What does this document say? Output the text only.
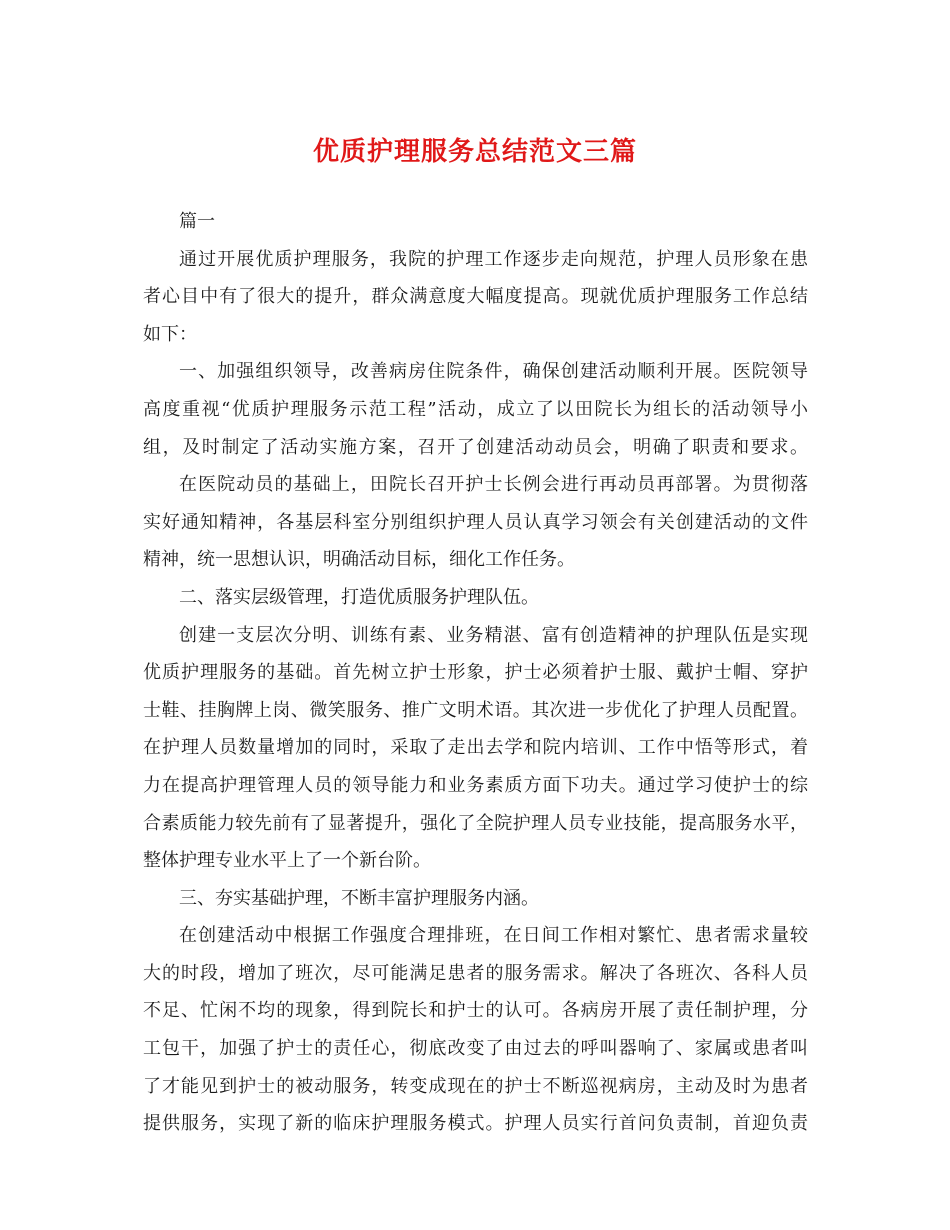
优质护理服务总结范文三篇

篇一

通过开展优质护理服务，我院的护理工作逐步走向规范，护理人员形象在患

者心目中有了很大的提升，群众满意度大幅度提高。现就优质护理服务工作总结

如下：

一、加强组织领导，改善病房住院条件，确保创建活动顺利开展。医院领导

高度重视“优质护理服务示范工程”活动，成立了以田院长为组长的活动领导小

组，及时制定了活动实施方案，召开了创建活动动员会，明确了职责和要求。

在医院动员的基础上，田院长召开护士长例会进行再动员再部署。为贯彻落

实好通知精神，各基层科室分别组织护理人员认真学习领会有关创建活动的文件

精神，统一思想认识，明确活动目标，细化工作任务。

二、落实层级管理，打造优质服务护理队伍。

创建一支层次分明、训练有素、业务精湛、富有创造精神的护理队伍是实现

优质护理服务的基础。首先树立护士形象，护士必须着护士服、戴护士帽、穿护

士鞋、挂胸牌上岗、微笑服务、推广文明术语。其次进一步优化了护理人员配置。

在护理人员数量增加的同时，采取了走出去学和院内培训、工作中悟等形式，着

力在提高护理管理人员的领导能力和业务素质方面下功夫。通过学习使护士的综

合素质能力较先前有了显著提升，强化了全院护理人员专业技能，提高服务水平，

整体护理专业水平上了一个新台阶。

三、夯实基础护理，不断丰富护理服务内涵。

在创建活动中根据工作强度合理排班，在日间工作相对繁忙、患者需求量较

大的时段，增加了班次，尽可能满足患者的服务需求。解决了各班次、各科人员

不足、忙闲不均的现象，得到院长和护士的认可。各病房开展了责任制护理，分

工包干，加强了护士的责任心，彻底改变了由过去的呼叫器响了、家属或患者叫

了才能见到护士的被动服务，转变成现在的护士不断巡视病房，主动及时为患者

提供服务，实现了新的临床护理服务模式。护理人员实行首问负责制，首迎负责
